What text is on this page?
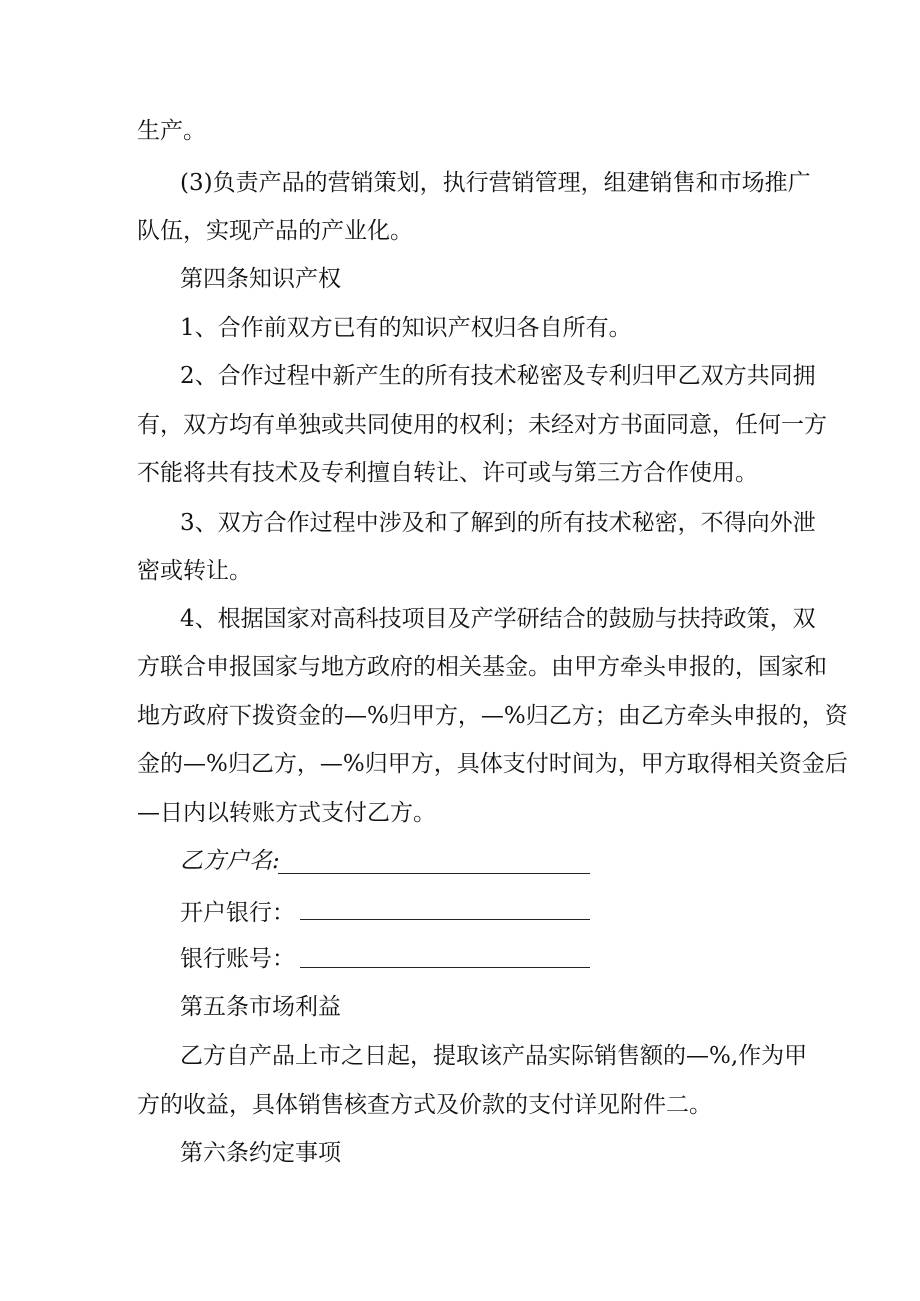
生产。
(3)负责产品的营销策划，执行营销管理，组建销售和市场推广
队伍，实现产品的产业化。
第四条知识产权
1、合作前双方已有的知识产权归各自所有。
2、合作过程中新产生的所有技术秘密及专利归甲乙双方共同拥
有，双方均有单独或共同使用的权利；未经对方书面同意，任何一方
不能将共有技术及专利擅自转让、许可或与第三方合作使用。
3、双方合作过程中涉及和了解到的所有技术秘密，不得向外泄
密或转让。
4、根据国家对高科技项目及产学研结合的鼓励与扶持政策，双
方联合申报国家与地方政府的相关基金。由甲方牵头申报的，国家和
地方政府下拨资金的—%归甲方，—%归乙方；由乙方牵头申报的，资
金的—%归乙方，—%归甲方，具体支付时间为，甲方取得相关资金后
—日内以转账方式支付乙方。
乙方户名:
开户银行：
银行账号：
第五条市场利益
乙方自产品上市之日起，提取该产品实际销售额的—%,作为甲
方的收益，具体销售核查方式及价款的支付详见附件二。
第六条约定事项
